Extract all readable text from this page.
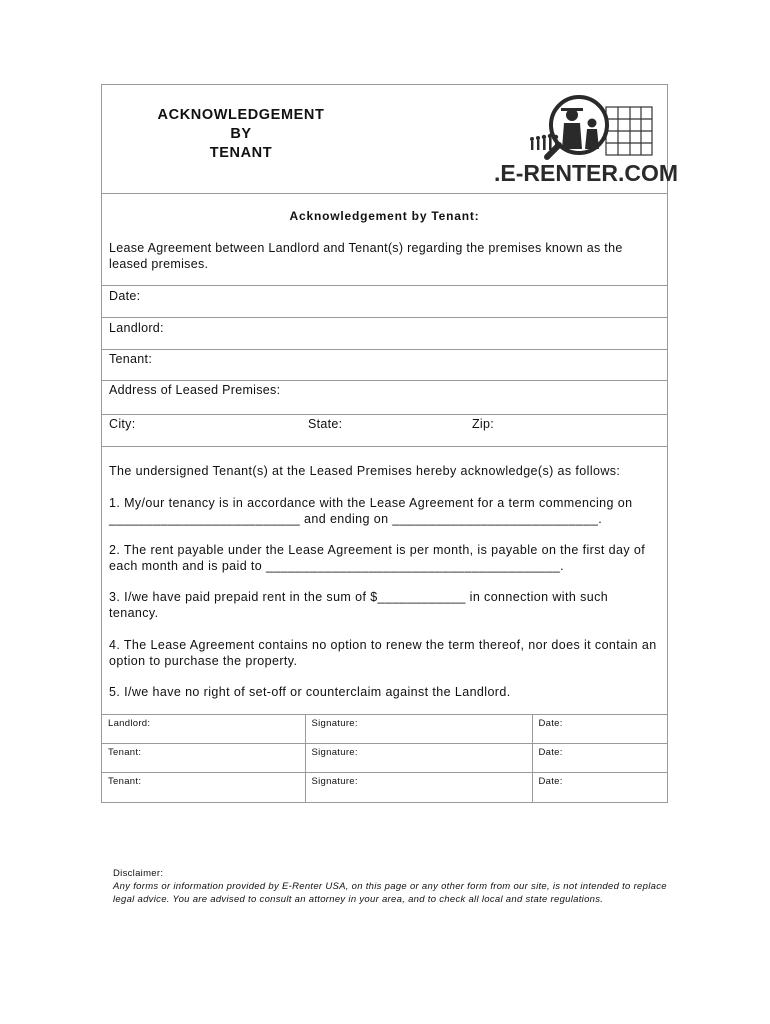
ACKNOWLEDGEMENT
BY
TENANT
.E-RENTER.COM
Acknowledgement by Tenant:
Lease Agreement between Landlord and Tenant(s) regarding the premises known as the leased premises.
Date:
Landlord:
Tenant:
Address of Leased Premises:
City:	State:	Zip:
The undersigned Tenant(s) at the Leased Premises hereby acknowledge(s) as follows:
1. My/our tenancy is in accordance with the Lease Agreement for a term commencing on __________________________ and ending on ____________________________.
2. The rent payable under the Lease Agreement is per month, is payable on the first day of each month and is paid to ________________________________________.
3. I/we have paid prepaid rent in the sum of $____________ in connection with such tenancy.
4. The Lease Agreement contains no option to renew the term thereof, nor does it contain an option to purchase the property.
5. I/we have no right of set-off or counterclaim against the Landlord.
Landlord:	Signature:	Date:
Tenant:	Signature:	Date:
Tenant:	Signature:	Date:
Disclaimer:
Any forms or information provided by E-Renter USA, on this page or any other form from our site, is not intended to replace legal advice. You are advised to consult an attorney in your area, and to check all local and state regulations.
